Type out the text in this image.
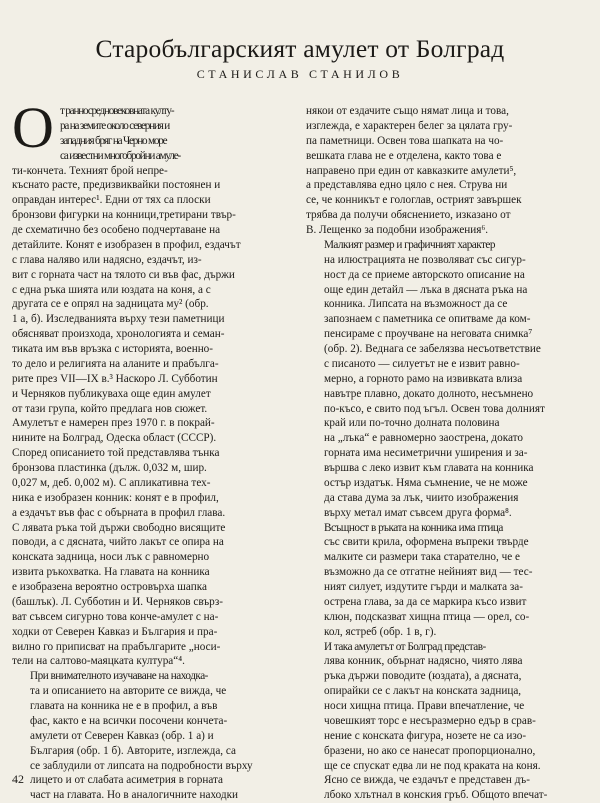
Старобългарският амулет от Болград
СТАНИСЛАВ СТАНИЛОВ
О т ранносредновековната култу-
ра на земите около северния и
западния бряг на Черно море
са известни многобройни амуле-
ти-кончета. Техният брой непре-
къснато расте, предизвиквайки постоянен и
оправдан интерес¹. Едни от тях са плоски
бронзови фигурки на конници,третирани твър-
де схематично без особено подчертаване на
детайлите. Конят е изобразен в профил, ездачът
с глава наляво или надясно, ездачът, из-
вит с горната част на тялото си във фас, държи
с една ръка шията или юздата на коня, а с
другата се е опрял на задницата му² (обр.
1 а, б). Изследванията върху тези паметници
обясняват произхода, хронологията и семан-
тиката им във връзка с историята, военно-
то дело и религията на аланите и прабълга-
рите през VII—IX в.³ Наскоро Л. Субботин
и Черняков публикуваха още един амулет
от тази група, който предлага нов сюжет.
Амулетът е намерен през 1970 г. в покрай-
нините на Болград, Одеска област (СССР).
Според описанието той представлява тънка
бронзова пластинка (дълж. 0,032 м, шир.
0,027 м, деб. 0,002 м). С апликативна тех-
ника е изобразен конник: конят е в профил,
а ездачът във фас с обърната в профил глава.
С лявата ръка той държи свободно висящите
поводи, а с дясната, чийто лакът се опира на
конската задница, носи лък с равномерно
извита ръкохватка. На главата на конника
е изобразена вероятно островърха шапка
(башлък). Л. Субботин и И. Черняков свърз-
ват съвсем сигурно това конче-амулет с на-
ходки от Северен Кавказ и България и пра-
вилно го приписват на прабългарите „носи-
тели на салтово-маяцката култура“⁴.
При внимателното изучаване на находка-
та и описанието на авторите се вижда, че
главата на конника не е в профил, а във
фас, както е на всички посочени кончета-
амулети от Северен Кавказ (обр. 1 а) и
България (обр. 1 б). Авторите, изглежда, са
се заблудили от липсата на подробности върху
лицето и от слабата асиметрия в горната
част на главата. Но в аналогичните находки
някои от ездачите също нямат лица и това,
изглежда, е характерен белег за цялата гру-
па паметници. Освен това шапката на чо-
вешката глава не е отделена, както това е
направено при един от кавказките амулети⁵,
а представлява едно цяло с нея. Струва ни
се, че конникът е гологлав, острият завършек
трябва да получи обяснението, изказано от
В. Лещенко за подобни изображения⁶.
Малкият размер и графичният характер
на илюстрацията не позволяват със сигур-
ност да се приеме авторското описание на
още един детайл — лъка в дясната ръка на
конника. Липсата на възможност да се
запознаем с паметника се опитваме да ком-
пенсираме с проучване на неговата снимка⁷
(обр. 2). Веднага се забелязва несъответствие
с писаното — силуетът не е извит равно-
мерно, а горното рамо на извивката влиза
навътре плавно, докато долното, несъмнено
по-късо, е свито под ъгъл. Освен това долният
край или по-точно долната половина
на „лъка“ е равномерно заострена, докато
горната има несиметрични уширения и за-
вършва с леко извит към главата на конника
остър издатък. Няма съмнение, че не може
да става дума за лък, чиито изображения
върху метал имат съвсем друга форма⁸.
Всъщност в ръката на конника има птица
със свити крила, оформена въпреки твърде
малките си размери така старателно, че е
възможно да се отгатне нейният вид — тес-
ният силует, издутите гърди и малката за-
острена глава, за да се маркира късо извит
клюн, подсказват хищна птица — орел, со-
кол, ястреб (обр. 1 в, г).
И така амулетът от Болград представ-
лява конник, обърнат надясно, чиято лява
ръка държи поводите (юздата), а дясната,
опирайки се с лакът на конската задница,
носи хищна птица. Прави впечатление, че
човешкият торс е несъразмерно едър в срав-
нение с конската фигура, нозете не са изо-
бразени, но ако се нанесат пропорционално,
ще се спускат едва ли не под краката на коня.
Ясно се вижда, че ездачът е представен дъ-
лбоко хлътнал в конския гръб. Общото впечат-
42
